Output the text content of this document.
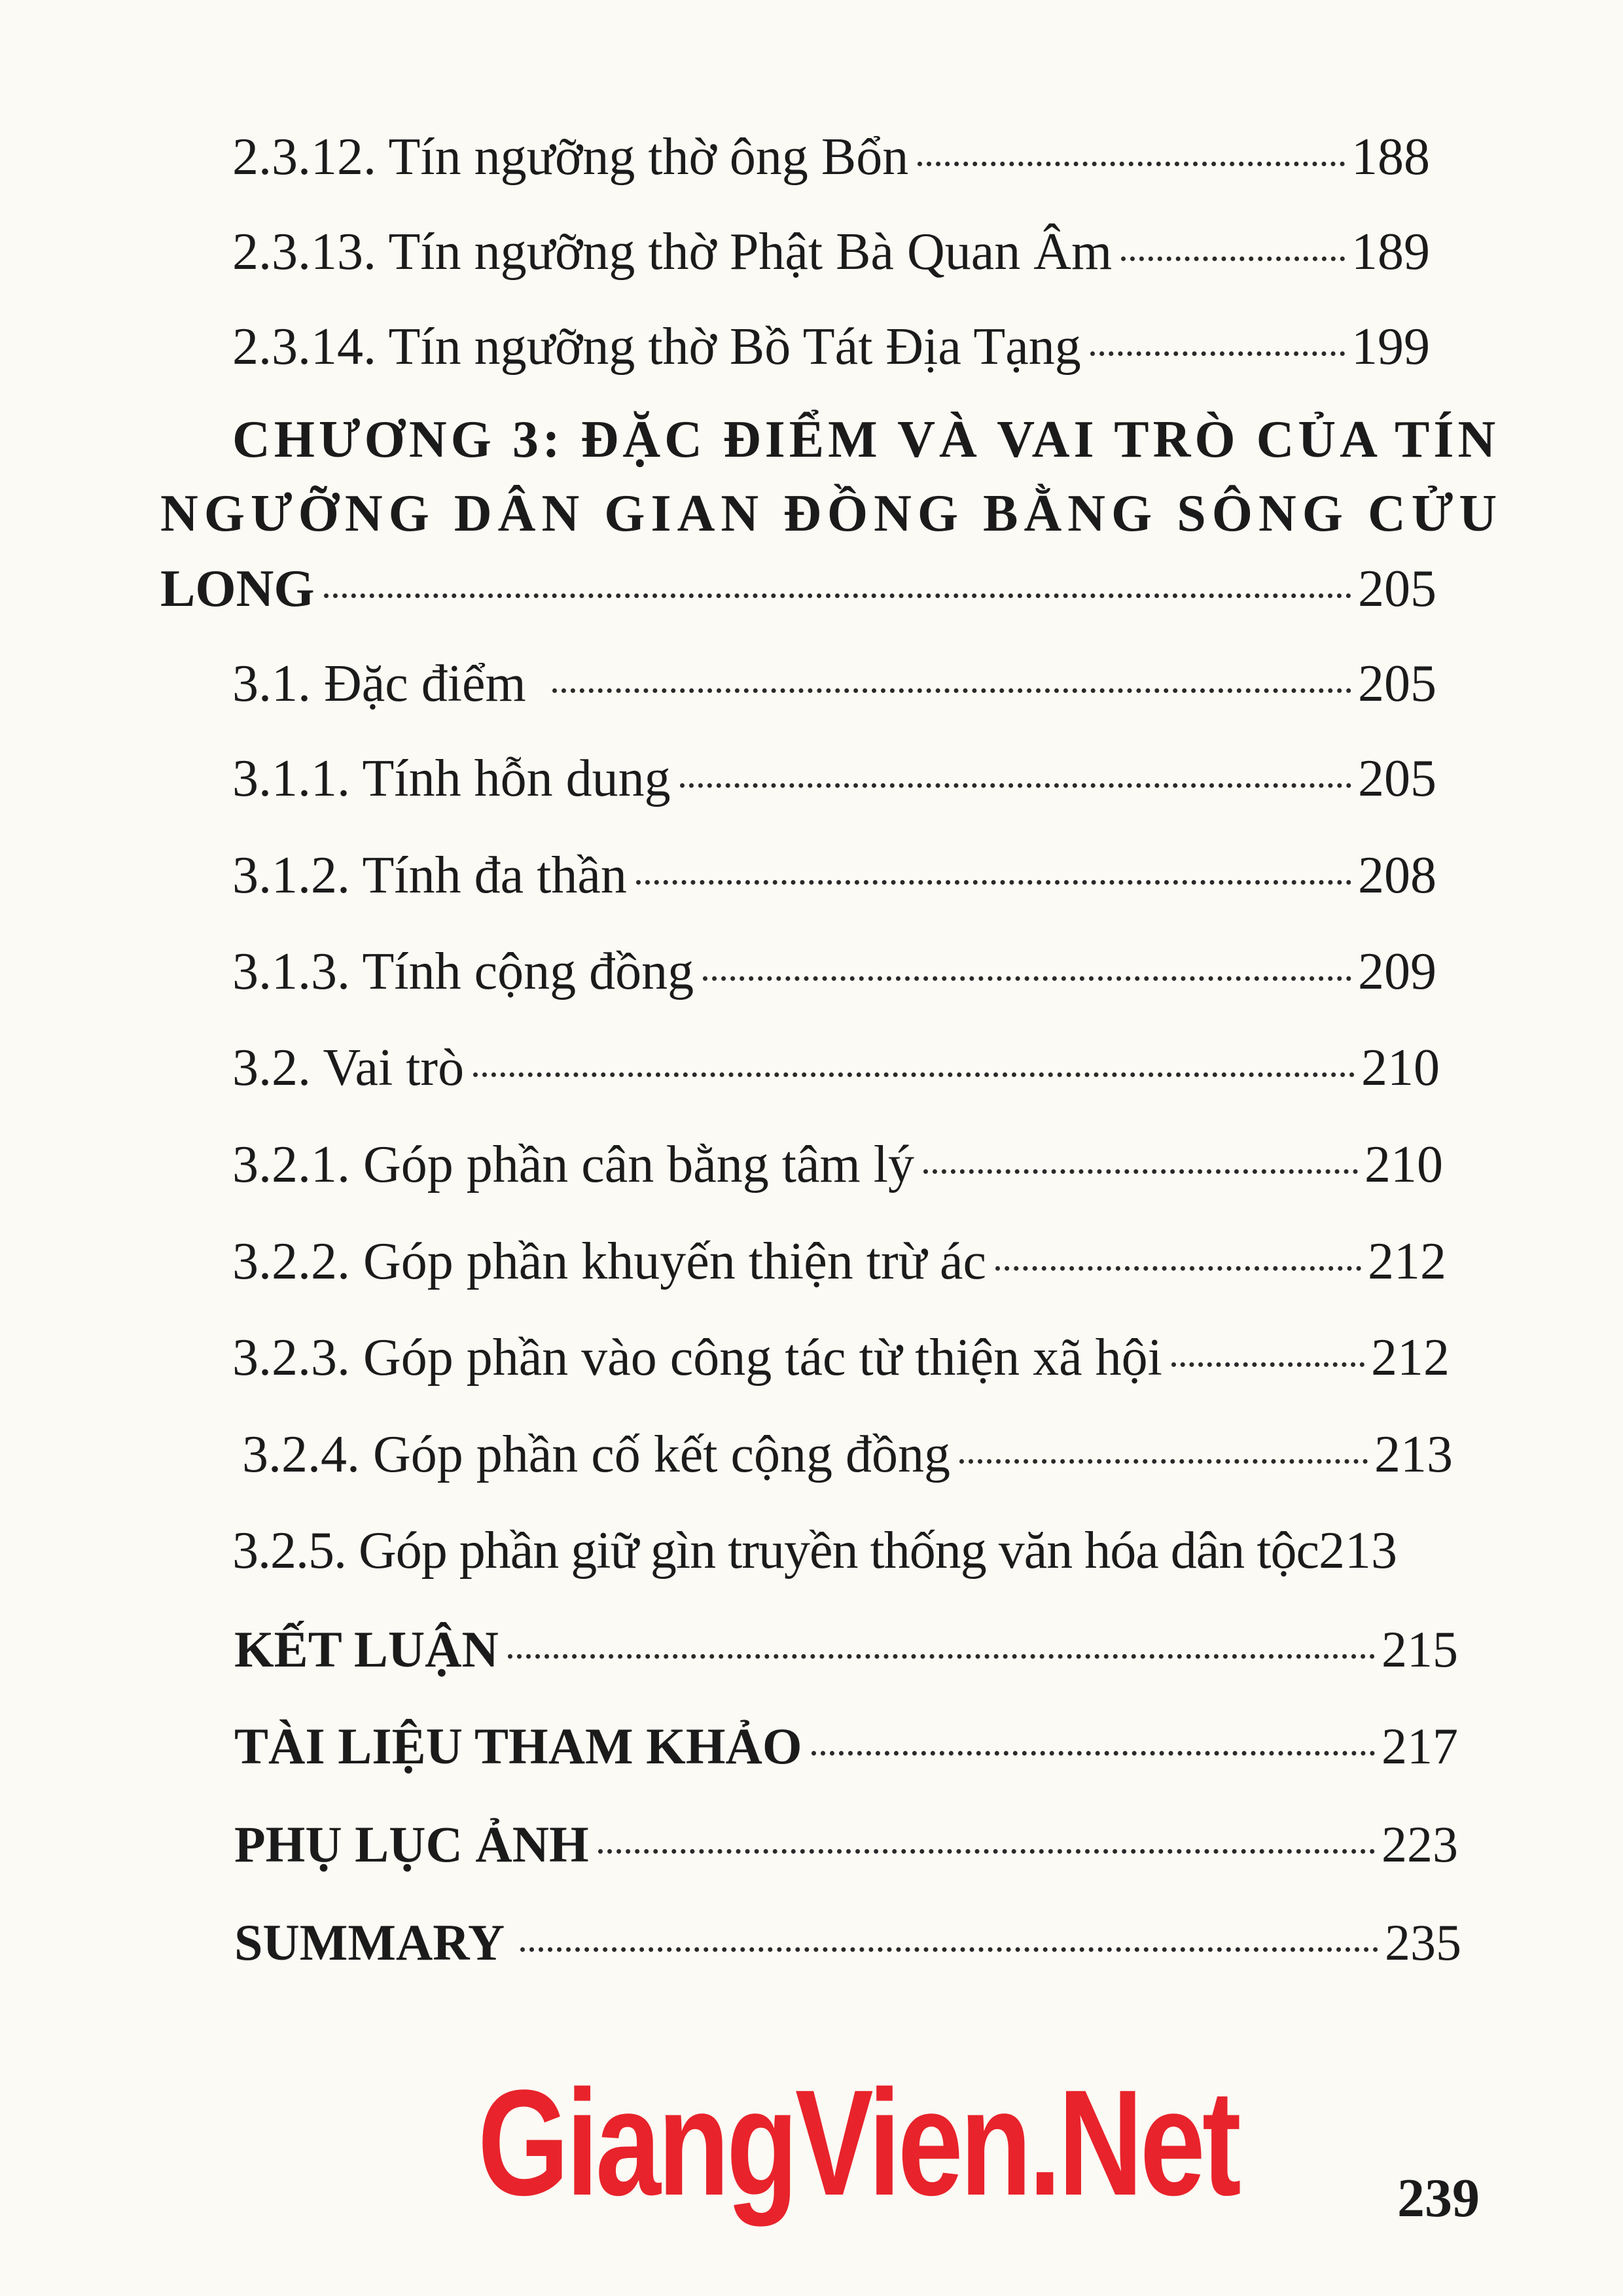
2.3.12. Tín ngưỡng thờ ông Bổn	188
2.3.13. Tín ngưỡng thờ Phật Bà Quan Âm	189
2.3.14. Tín ngưỡng thờ Bồ Tát Địa Tạng	199
CHƯƠNG 3: ĐẶC ĐIỂM VÀ VAI TRÒ CỦA TÍN
NGƯỠNG DÂN GIAN ĐỒNG BẰNG SÔNG CỬU
LONG	205
3.1. Đặc điểm	205
3.1.1. Tính hỗn dung	205
3.1.2. Tính đa thần	208
3.1.3. Tính cộng đồng	209
3.2. Vai trò	210
3.2.1. Góp phần cân bằng tâm lý	210
3.2.2. Góp phần khuyến thiện trừ ác	212
3.2.3. Góp phần vào công tác từ thiện xã hội	212
3.2.4. Góp phần cố kết cộng đồng	213
3.2.5. Góp phần giữ gìn truyền thống văn hóa dân tộc 213
KẾT LUẬN	215
TÀI LIỆU THAM KHẢO	217
PHỤ LỤC ẢNH	223
SUMMARY	235
GiangVien.Net	239
